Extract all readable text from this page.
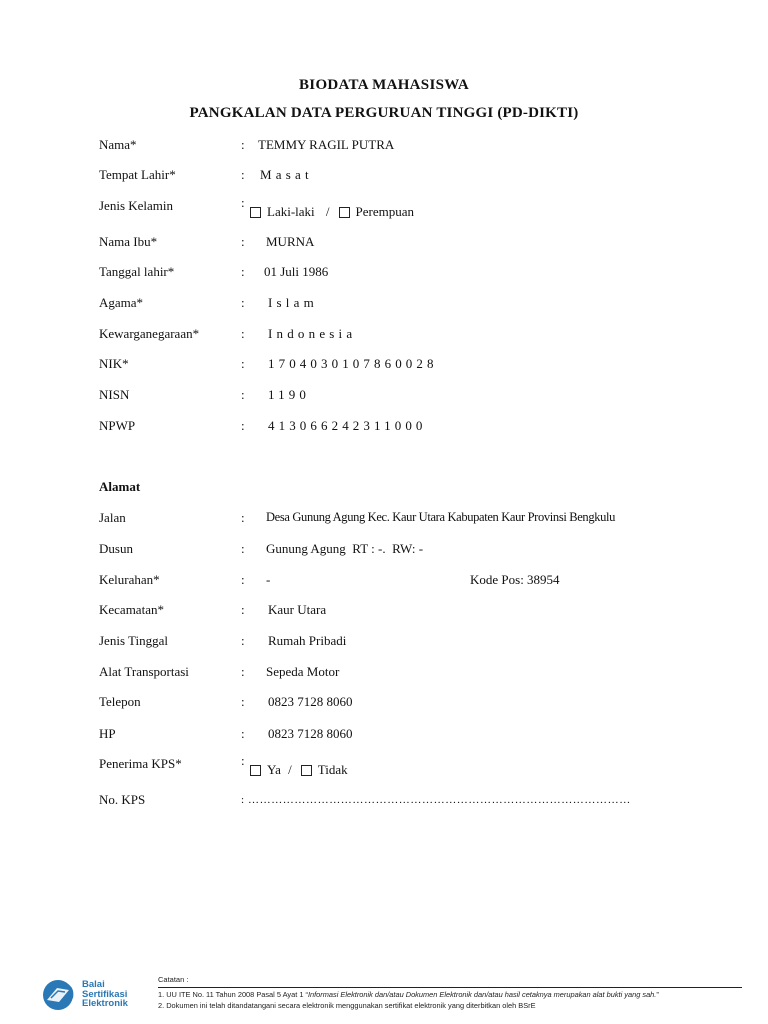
BIODATA MAHASISWA
PANGKALAN DATA PERGURUAN TINGGI (PD-DIKTI)
Nama*	: TEMMY RAGIL PUTRA
Tempat Lahir*	: Masat
Jenis Kelamin	:
Laki-laki / Perempuan
Nama Ibu*	: MURNA
Tanggal lahir*	: 01 Juli 1986
Agama*	: Islam
Kewarganegaraan*	: Indonesia
NIK*	: 1704030107860028
NISN	: 1190
NPWP	: 413066242311000
Alamat
Jalan	: Desa Gunung Agung Kec. Kaur Utara Kabupaten Kaur Provinsi Bengkulu
Dusun	: Gunung Agung  RT : -.  RW: -
Kelurahan*	: -	Kode Pos: 38954
Kecamatan*	: Kaur Utara
Jenis Tinggal	: Rumah Pribadi
Alat Transportasi	: Sepeda Motor
Telepon	: 0823 7128 8060
HP	: 0823 7128 8060
Penerima KPS*	:
Ya / Tidak
No. KPS	: ………………………………………………………………………………………
Balai
Sertifikasi
Elektronik
Catatan :
1. UU ITE No. 11 Tahun 2008 Pasal 5 Ayat 1 “Informasi Elektronik dan/atau Dokumen Elektronik dan/atau hasil cetaknya merupakan alat bukti yang sah.”
2. Dokumen ini telah ditandatangani secara elektronik menggunakan sertifikat elektronik yang diterbitkan oleh BSrE
